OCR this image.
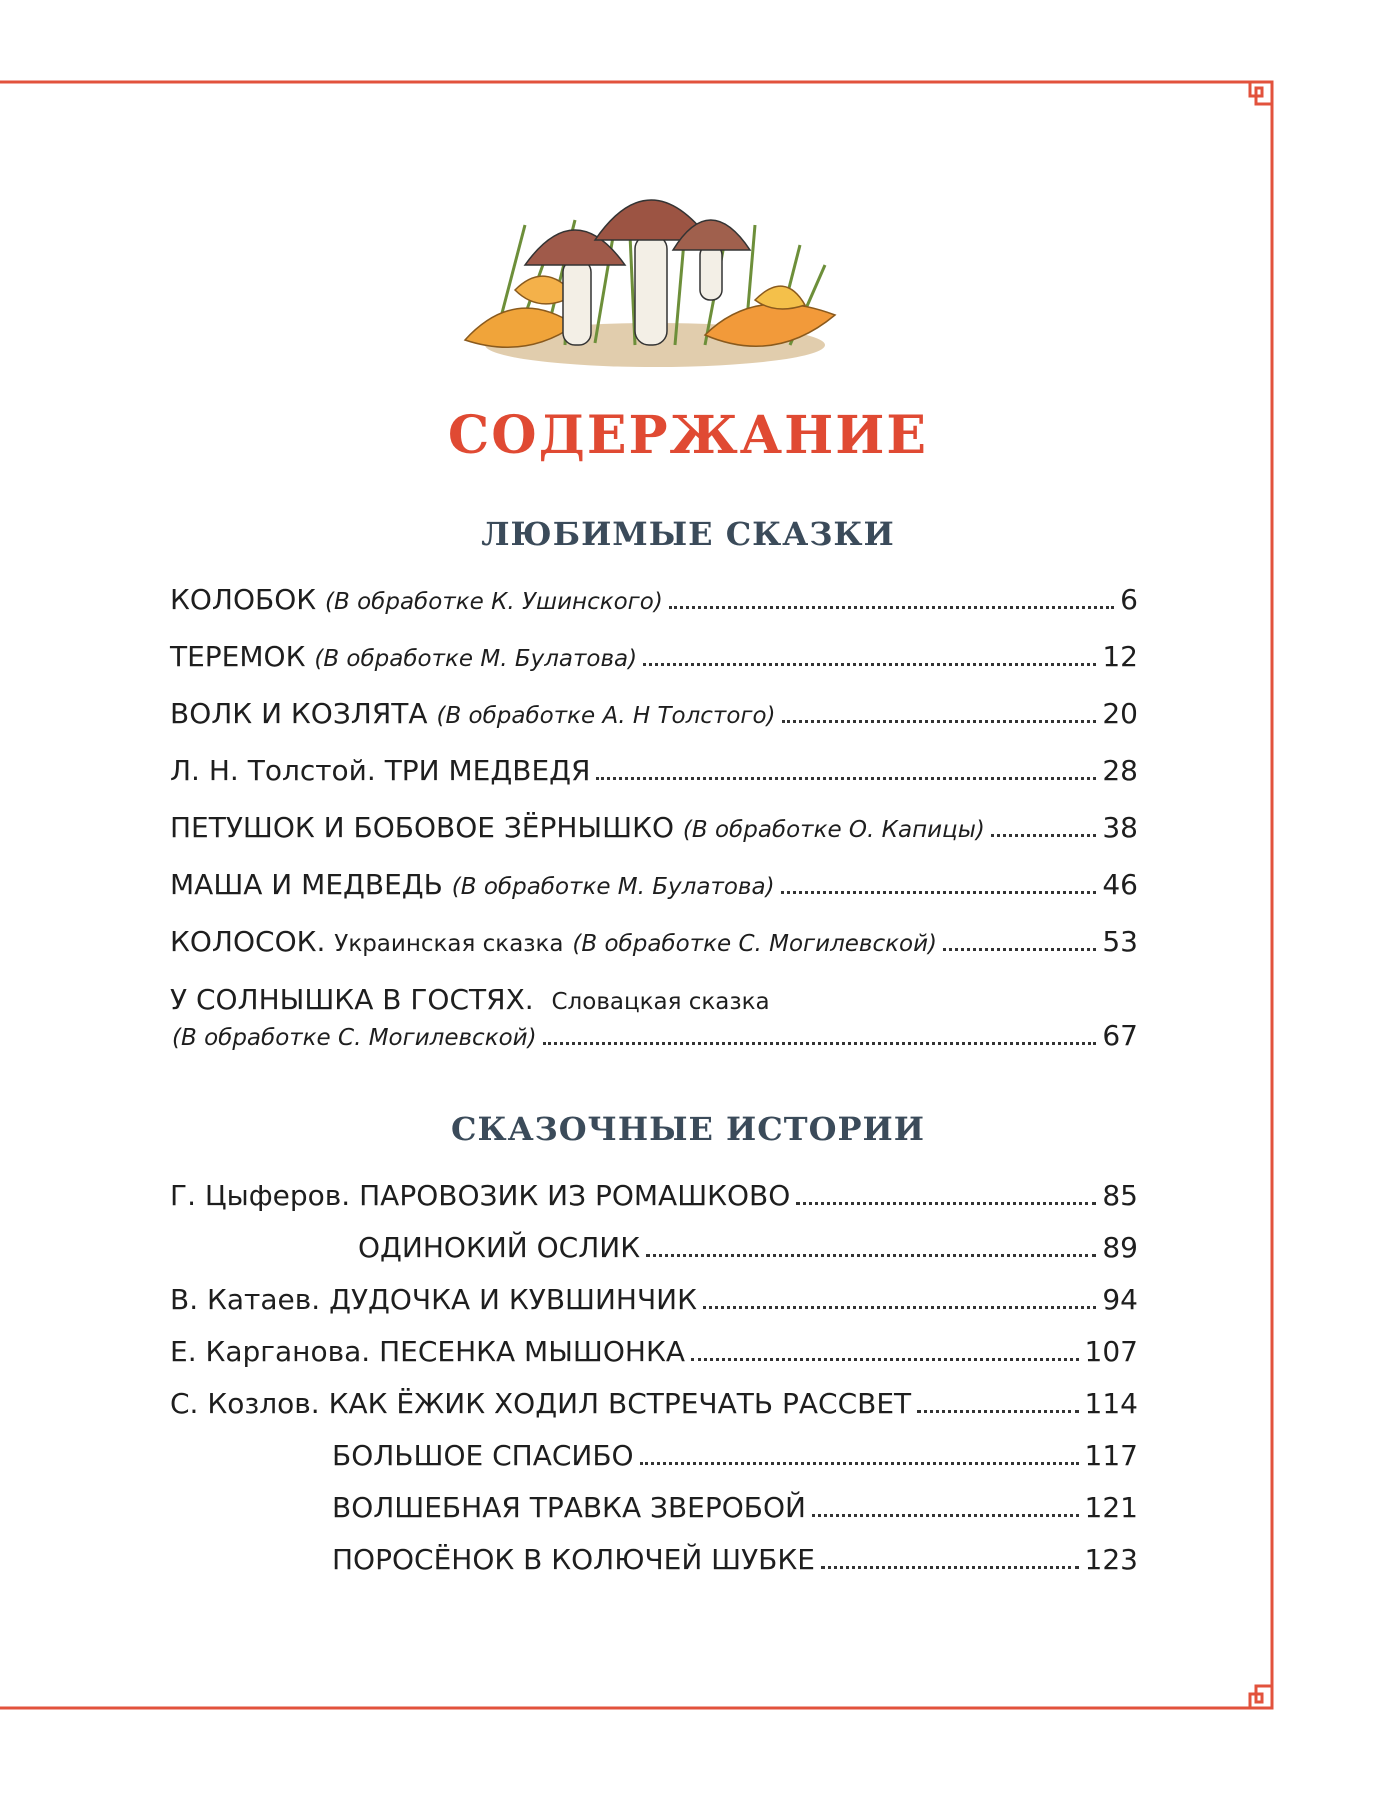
СОДЕРЖАНИЕ
ЛЮБИМЫЕ СКАЗКИ
КОЛОБОК
(В обработке К. Ушинского)	6
ТЕРЕМОК
(В обработке М. Булатова)	12
ВОЛК И КОЗЛЯТА
(В обработке А. Н Толстого)	20
Л. Н. Толстой.
ТРИ МЕДВЕДЯ	28
ПЕТУШОК И БОБОВОЕ ЗЁРНЫШКО
(В обработке О. Капицы)	38
МАША И МЕДВЕДЬ
(В обработке М. Булатова)	46
КОЛОСОК.
Украинская сказка
(В обработке С. Могилевской)	53
У СОЛНЫШКА В ГОСТЯХ. Словацкая сказка
(В обработке С. Могилевской)	67
СКАЗОЧНЫЕ ИСТОРИИ
Г. Цыферов.
ПАРОВОЗИК ИЗ РОМАШКОВО	85
ОДИНОКИЙ ОСЛИК	89
В. Катаев.
ДУДОЧКА И КУВШИНЧИК	94
Е. Карганова.
ПЕСЕНКА МЫШОНКА	107
С. Козлов.
КАК ЁЖИК ХОДИЛ ВСТРЕЧАТЬ РАССВЕТ	114
БОЛЬШОЕ СПАСИБО	117
ВОЛШЕБНАЯ ТРАВКА ЗВЕРОБОЙ	121
ПОРОСЁНОК В КОЛЮЧЕЙ ШУБКЕ	123
